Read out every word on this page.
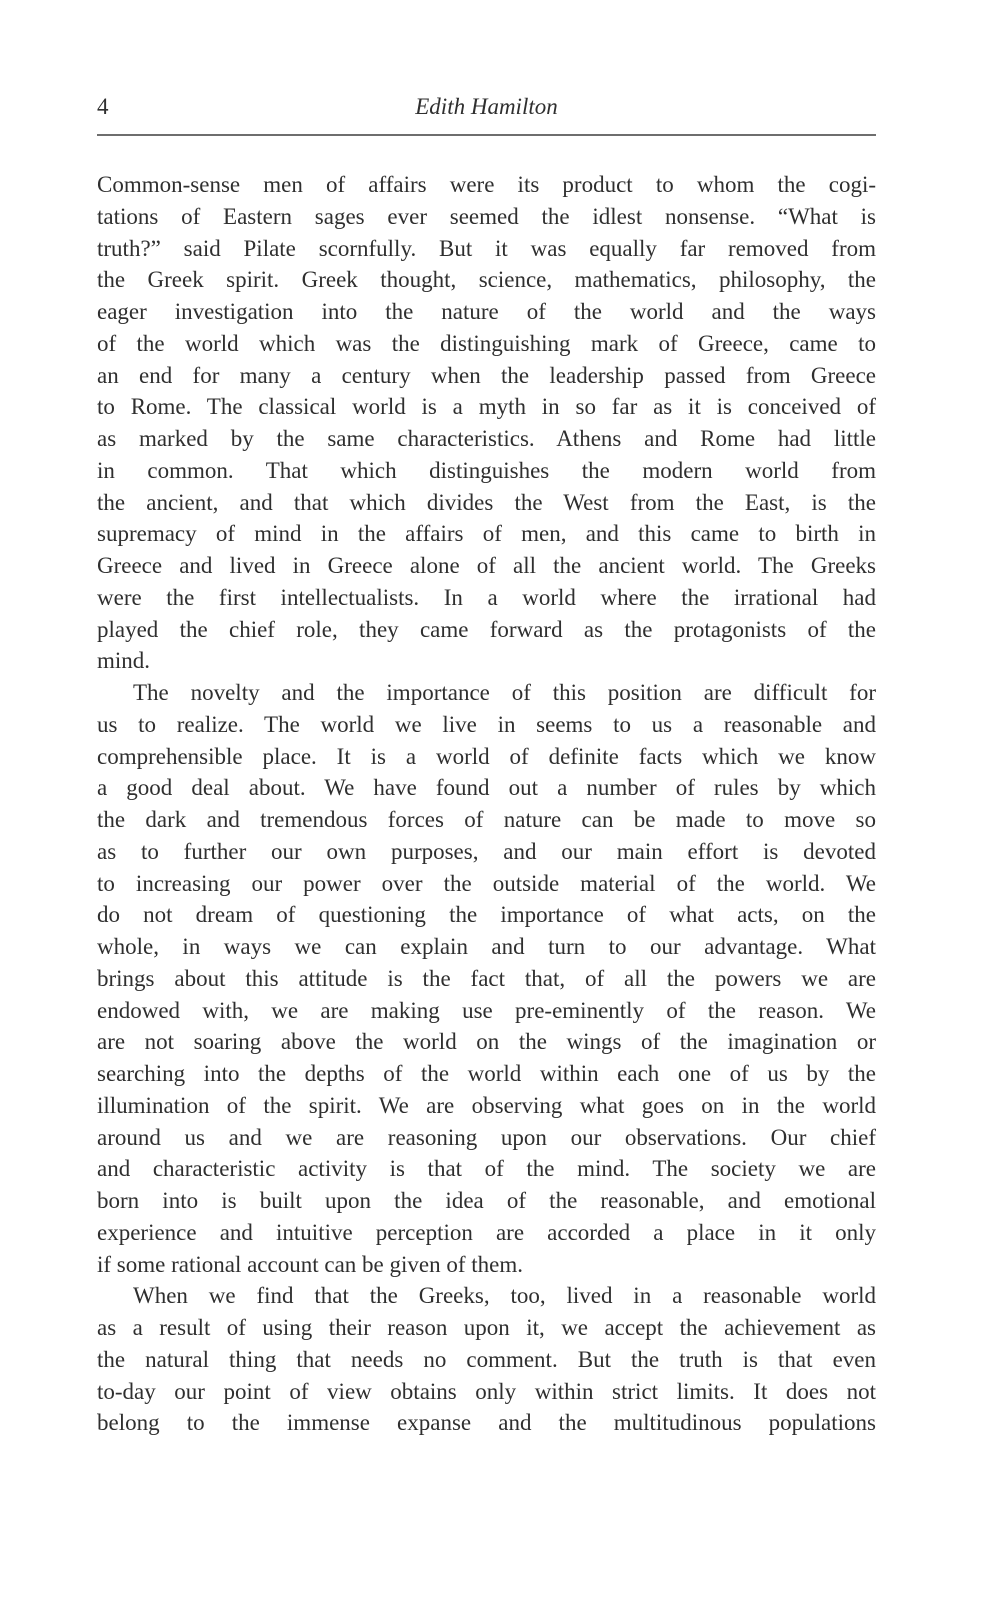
4	Edith Hamilton

Common-sense men of affairs were its product to whom the cogi-
tations of Eastern sages ever seemed the idlest nonsense. “What is
truth?” said Pilate scornfully. But it was equally far removed from
the Greek spirit. Greek thought, science, mathematics, philosophy, the
eager investigation into the nature of the world and the ways
of the world which was the distinguishing mark of Greece, came to
an end for many a century when the leadership passed from Greece
to Rome. The classical world is a myth in so far as it is conceived of
as marked by the same characteristics. Athens and Rome had little
in common. That which distinguishes the modern world from
the ancient, and that which divides the West from the East, is the
supremacy of mind in the affairs of men, and this came to birth in
Greece and lived in Greece alone of all the ancient world. The Greeks
were the first intellectualists. In a world where the irrational had
played the chief role, they came forward as the protagonists of the
mind.

The novelty and the importance of this position are difficult for
us to realize. The world we live in seems to us a reasonable and
comprehensible place. It is a world of definite facts which we know
a good deal about. We have found out a number of rules by which
the dark and tremendous forces of nature can be made to move so
as to further our own purposes, and our main effort is devoted
to increasing our power over the outside material of the world. We
do not dream of questioning the importance of what acts, on the
whole, in ways we can explain and turn to our advantage. What
brings about this attitude is the fact that, of all the powers we are
endowed with, we are making use pre-eminently of the reason. We
are not soaring above the world on the wings of the imagination or
searching into the depths of the world within each one of us by the
illumination of the spirit. We are observing what goes on in the world
around us and we are reasoning upon our observations. Our chief
and characteristic activity is that of the mind. The society we are
born into is built upon the idea of the reasonable, and emotional
experience and intuitive perception are accorded a place in it only
if some rational account can be given of them.

When we find that the Greeks, too, lived in a reasonable world
as a result of using their reason upon it, we accept the achievement as
the natural thing that needs no comment. But the truth is that even
to-day our point of view obtains only within strict limits. It does not
belong to the immense expanse and the multitudinous populations
